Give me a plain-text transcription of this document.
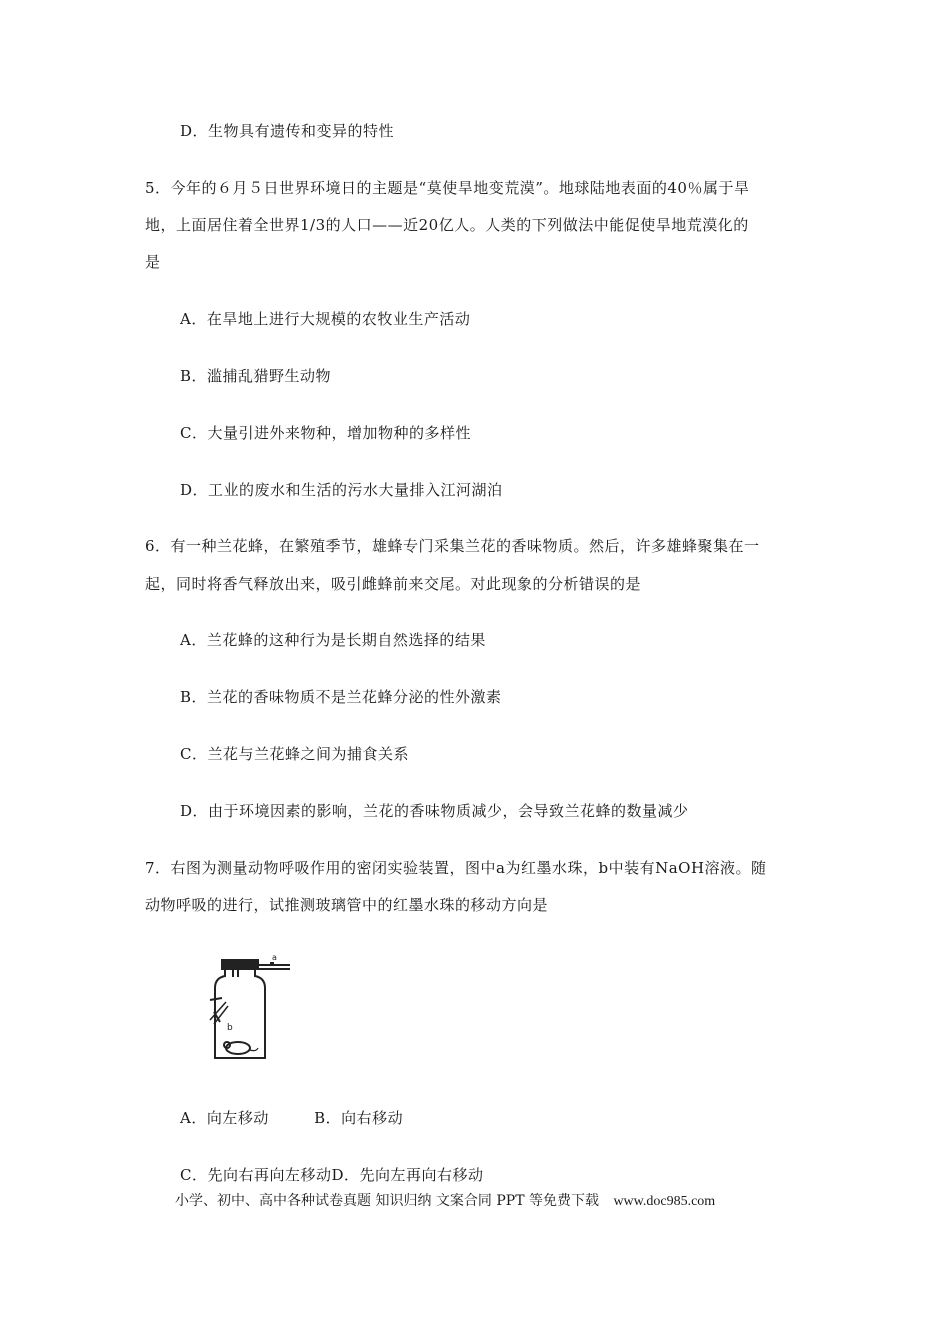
D．生物具有遗传和变异的特性
5．今年的６月５日世界环境日的主题是“莫使旱地变荒漠”。地球陆地表面的40％属于旱
地，上面居住着全世界1/3的人口——近20亿人。人类的下列做法中能促使旱地荒漠化的
是
A．在旱地上进行大规模的农牧业生产活动
B．滥捕乱猎野生动物
C．大量引进外来物种，增加物种的多样性
D．工业的废水和生活的污水大量排入江河湖泊
6．有一种兰花蜂，在繁殖季节，雄蜂专门采集兰花的香味物质。然后，许多雄蜂聚集在一
起，同时将香气释放出来，吸引雌蜂前来交尾。对此现象的分析错误的是
A．兰花蜂的这种行为是长期自然选择的结果
B．兰花的香味物质不是兰花蜂分泌的性外激素
C．兰花与兰花蜂之间为捕食关系
D．由于环境因素的影响，兰花的香味物质减少，会导致兰花蜂的数量减少
7．右图为测量动物呼吸作用的密闭实验装置，图中a为红墨水珠，b中装有NaOH溶液。随
动物呼吸的进行，试推测玻璃管中的红墨水珠的移动方向是
a
b
A．向左移动	B．向右移动
C．先向右再向左移动D．先向左再向右移动
小学、初中、高中各种试卷真题 知识归纳 文案合同 PPT 等免费下载 www.doc985.com
